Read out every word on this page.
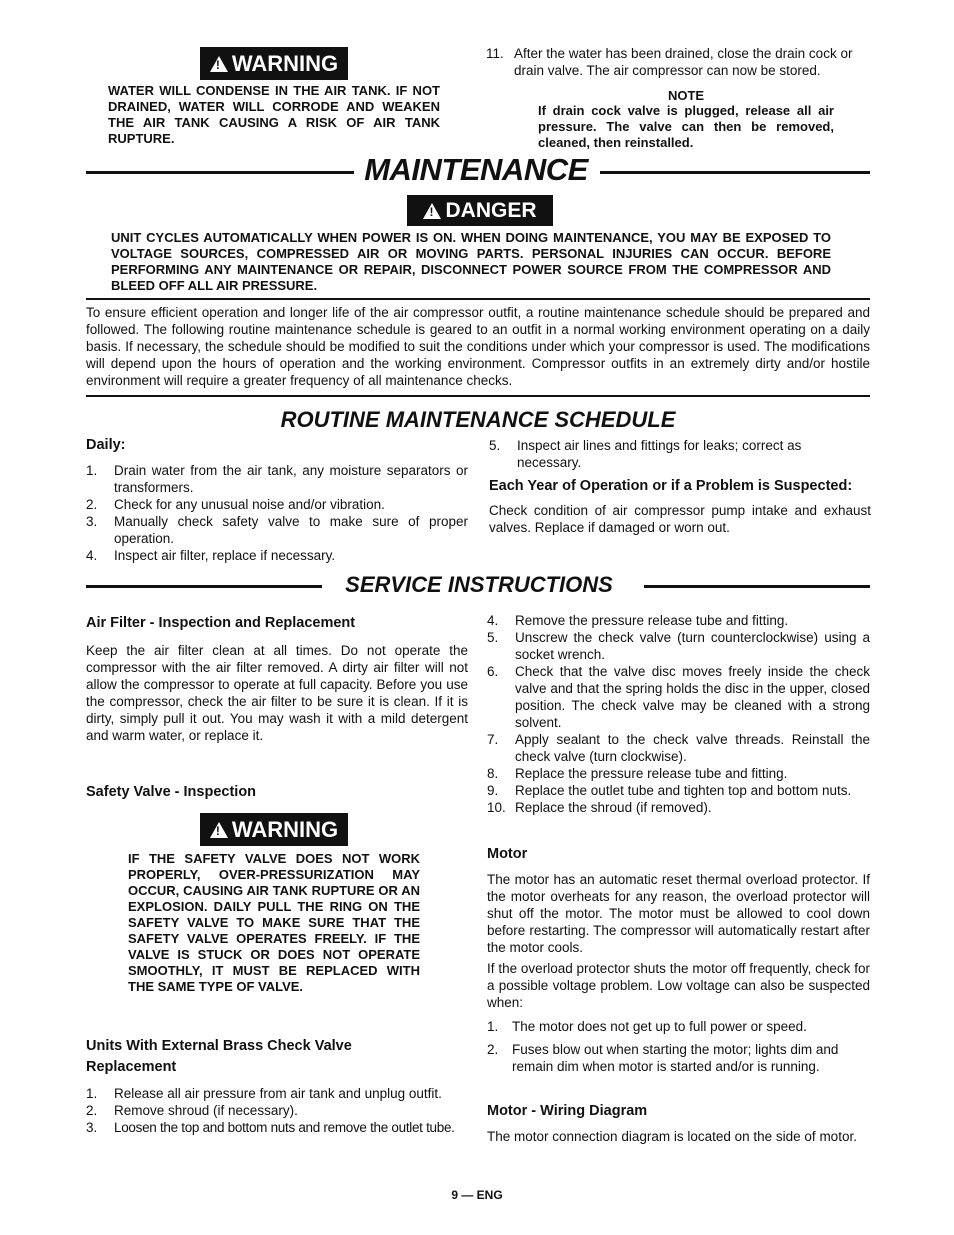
!
WARNING
WATER WILL CONDENSE IN THE AIR TANK. IF NOT DRAINED, WATER WILL CORRODE AND WEAKEN THE AIR TANK CAUSING A RISK OF AIR TANK RUPTURE.
11. After the water has been drained, close the drain cock or drain valve. The air compressor can now be stored.
NOTE
If drain cock valve is plugged, release all air pressure. The valve can then be removed, cleaned, then reinstalled.
MAINTENANCE
!
DANGER
UNIT CYCLES AUTOMATICALLY WHEN POWER IS ON. WHEN DOING MAINTENANCE, YOU MAY BE EXPOSED TO VOLTAGE SOURCES, COMPRESSED AIR OR MOVING PARTS. PERSONAL INJURIES CAN OCCUR. BEFORE PERFORMING ANY MAINTENANCE OR REPAIR, DISCONNECT POWER SOURCE FROM THE COMPRESSOR AND BLEED OFF ALL AIR PRESSURE.
To ensure efficient operation and longer life of the air compressor outfit, a routine maintenance schedule should be prepared and followed. The following routine maintenance schedule is geared to an outfit in a normal working environment operating on a daily basis. If necessary, the schedule should be modified to suit the conditions under which your compressor is used. The modifications will depend upon the hours of operation and the working environment. Compressor outfits in an extremely dirty and/or hostile environment will require a greater frequency of all maintenance checks.
ROUTINE MAINTENANCE SCHEDULE
Daily:
1.	Drain water from the air tank, any moisture separators or transformers.
2.	Check for any unusual noise and/or vibration.
3.	Manually check safety valve to make sure of proper operation.
4.	Inspect air filter, replace if necessary.
5.	Inspect air lines and fittings for leaks; correct as necessary.
Each Year of Operation or if a Problem is Suspected:
Check condition of air compressor pump intake and exhaust valves. Replace if damaged or worn out.
SERVICE INSTRUCTIONS
Air Filter - Inspection and Replacement
Keep the air filter clean at all times. Do not operate the compressor with the air filter removed. A dirty air filter will not allow the compressor to operate at full capacity. Before you use the compressor, check the air filter to be sure it is clean. If it is dirty, simply pull it out. You may wash it with a mild detergent and warm water, or replace it.
Safety Valve - Inspection
!
WARNING
IF THE SAFETY VALVE DOES NOT WORK PROPERLY, OVER-PRESSURIZATION MAY OCCUR, CAUSING AIR TANK RUPTURE OR AN EXPLOSION. DAILY PULL THE RING ON THE SAFETY VALVE TO MAKE SURE THAT THE SAFETY VALVE OPERATES FREELY. IF THE VALVE IS STUCK OR DOES NOT OPERATE SMOOTHLY, IT MUST BE REPLACED WITH THE SAME TYPE OF VALVE.
Units With External Brass Check Valve Replacement
1.	Release all air pressure from air tank and unplug outfit.
2.	Remove shroud (if necessary).
3.	Loosen the top and bottom nuts and remove the outlet tube.
4.	Remove the pressure release tube and fitting.
5.	Unscrew the check valve (turn counterclockwise) using a socket wrench.
6.	Check that the valve disc moves freely inside the check valve and that the spring holds the disc in the upper, closed position. The check valve may be cleaned with a strong solvent.
7.	Apply sealant to the check valve threads. Reinstall the check valve (turn clockwise).
8.	Replace the pressure release tube and fitting.
9.	Replace the outlet tube and tighten top and bottom nuts.
10. Replace the shroud (if removed).
Motor
The motor has an automatic reset thermal overload protector. If the motor overheats for any reason, the overload protector will shut off the motor. The motor must be allowed to cool down before restarting. The compressor will automatically restart after the motor cools.
If the overload protector shuts the motor off frequently, check for a possible voltage problem. Low voltage can also be suspected when:
1.	The motor does not get up to full power or speed.
2.	Fuses blow out when starting the motor; lights dim and remain dim when motor is started and/or is running.
Motor - Wiring Diagram
The motor connection diagram is located on the side of motor.
9 — ENG
